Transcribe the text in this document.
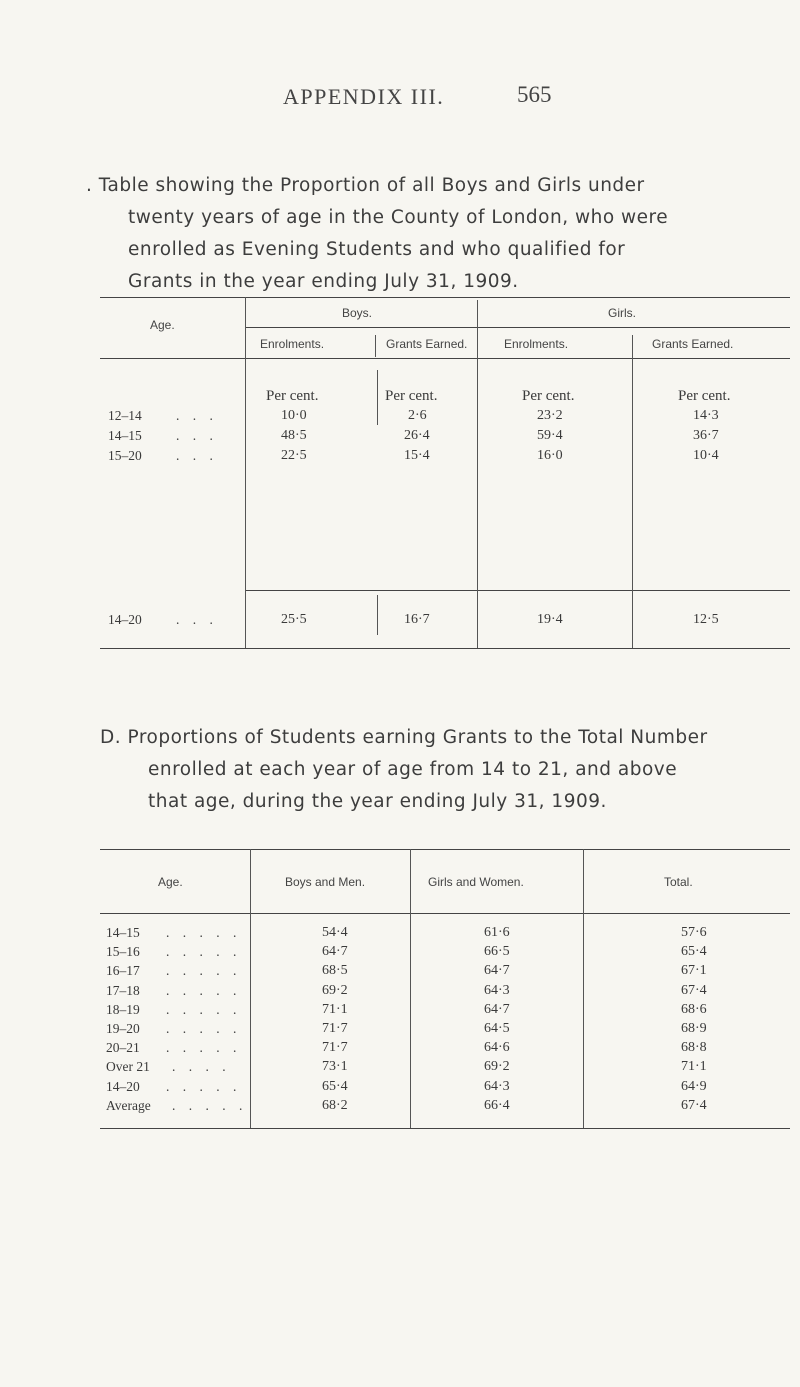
APPENDIX III.	565
. Table showing the Proportion of all Boys and Girls under
twenty years of age in the County of London, who were
enrolled as Evening Students and who qualified for
Grants in the year ending July 31, 1909.
Age.
Boys.	Girls.
Enrolments.	Grants Earned.	Enrolments.	Grants Earned.
Per cent.	Per cent.	Per cent.	Per cent.
12–14	. . .	10·0	2·6	23·2	14·3
14–15	. . .	48·5	26·4	59·4	36·7
15–20	. . .	22·5	15·4	16·0	10·4
14–20	. . .	25·5	16·7	19·4	12·5
D. Proportions of Students earning Grants to the Total Number
enrolled at each year of age from 14 to 21, and above
that age, during the year ending July 31, 1909.
Age.	Boys and Men.	Girls and Women.	Total.
14–15 . . . . .	54·4	61·6	57·6
15–16 . . . . .	64·7	66·5	65·4
16–17 . . . . .	68·5	64·7	67·1
17–18 . . . . .	69·2	64·3	67·4
18–19 . . . . .	71·1	64·7	68·6
19–20 . . . . .	71·7	64·5	68·9
20–21 . . . . .	71·7	64·6	68·8
Over 21 . . . .	73·1	69·2	71·1
14–20 . . . . .	65·4	64·3	64·9
Average . . . . .	68·2	66·4	67·4
